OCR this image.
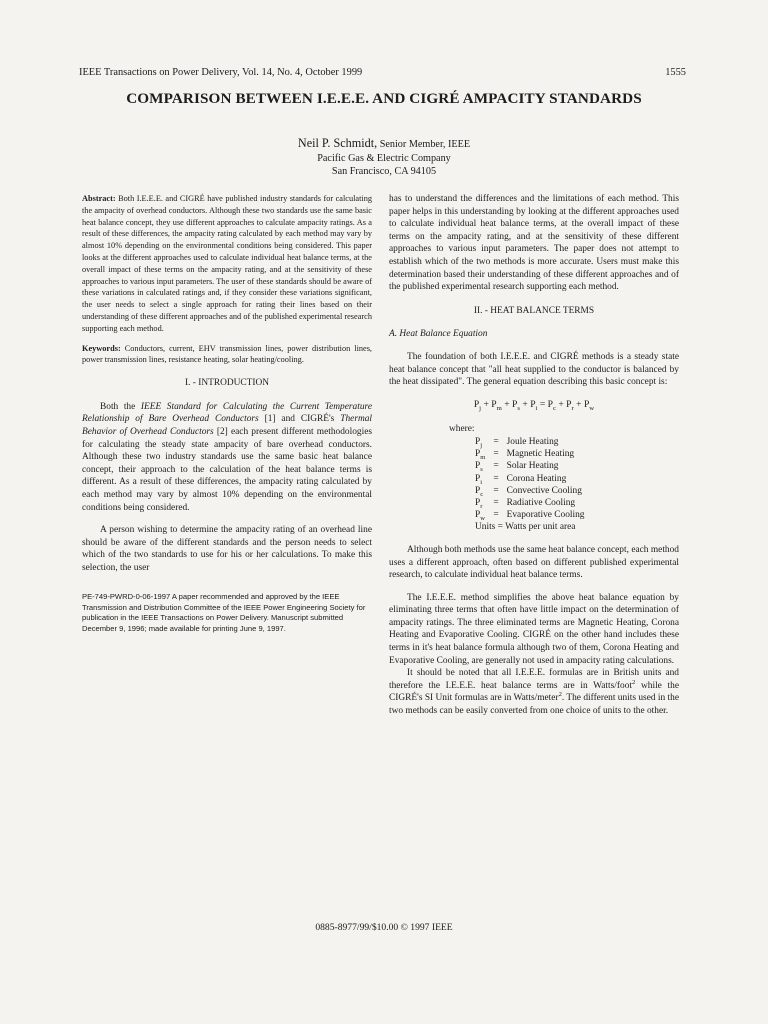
IEEE Transactions on Power Delivery, Vol. 14, No. 4, October 1999	1555
COMPARISON BETWEEN I.E.E.E. AND CIGRÉ AMPACITY STANDARDS
Neil P. Schmidt, Senior Member, IEEE
Pacific Gas & Electric Company
San Francisco, CA 94105

Abstract: Both I.E.E.E. and CIGRÉ have published industry standards for calculating the ampacity of overhead conductors. Although these two standards use the same basic heat balance concept, they use different approaches to calculate ampacity ratings. As a result of these differences, the ampacity rating calculated by each method may vary by almost 10% depending on the environmental conditions being considered. This paper looks at the different approaches used to calculate individual heat balance terms, at the overall impact of these terms on the ampacity rating, and at the sensitivity of these approaches to various input parameters. The user of these standards should be aware of these variations in calculated ratings and, if they consider these variations significant, the user needs to select a single approach for rating their lines based on their understanding of these different approaches and of the published experimental research supporting each method.

Keywords: Conductors, current, EHV transmission lines, power distribution lines, power transmission lines, resistance heating, solar heating/cooling.

I. - INTRODUCTION

Both the IEEE Standard for Calculating the Current Temperature Relationship of Bare Overhead Conductors [1] and CIGRÉ's Thermal Behavior of Overhead Conductors [2] each present different methodologies for calculating the steady state ampacity of bare overhead conductors. Although these two industry standards use the same basic heat balance concept, their approach to the calculation of the heat balance terms is different. As a result of these differences, the ampacity rating calculated by each method may vary by almost 10% depending on the environmental conditions being considered.

A person wishing to determine the ampacity rating of an overhead line should be aware of the different standards and the person needs to select which of the two standards to use for his or her calculations. To make this selection, the user

PE-749-PWRD-0-06-1997 A paper recommended and approved by the IEEE Transmission and Distribution Committee of the IEEE Power Engineering Society for publication in the IEEE Transactions on Power Delivery. Manuscript submitted December 9, 1996; made available for printing June 9, 1997.

has to understand the differences and the limitations of each method. This paper helps in this understanding by looking at the different approaches used to calculate individual heat balance terms, at the overall impact of these terms on the ampacity rating, and at the sensitivity of these different approaches to various input parameters. The paper does not attempt to establish which of the two methods is more accurate. Users must make this determination based their understanding of these different approaches and of the published experimental research supporting each method.

II. - HEAT BALANCE TERMS
A. Heat Balance Equation

The foundation of both I.E.E.E. and CIGRÉ methods is a steady state heat balance concept that "all heat supplied to the conductor is balanced by the heat dissipated". The general equation describing this basic concept is:

$P_j + P_m + P_s + P_i = P_c + P_r + P_w$
where:
$P_j$	=	Joule Heating
$P_m$	=	Magnetic Heating
$P_s$	=	Solar Heating
$P_i$	=	Corona Heating
$P_c$	=	Convective Cooling
$P_r$	=	Radiative Cooling
$P_w$	=	Evaporative Cooling
Units = Watts per unit area

Although both methods use the same heat balance concept, each method uses a different approach, often based on different published experimental research, to calculate individual heat balance terms.

The I.E.E.E. method simplifies the above heat balance equation by eliminating three terms that often have little impact on the determination of ampacity ratings. The three eliminated terms are Magnetic Heating, Corona Heating and Evaporative Cooling. CIGRÉ on the other hand includes these terms in it's heat balance formula although two of them, Corona Heating and Evaporative Cooling, are generally not used in ampacity rating calculations.

It should be noted that all I.E.E.E. formulas are in British units and therefore the I.E.E.E. heat balance terms are in Watts/foot$^2$ while the CIGRÉ's SI Unit formulas are in Watts/meter$^2$. The different units used in the two methods can be easily converted from one choice of units to the other.

0885-8977/99/$10.00 © 1997 IEEE
